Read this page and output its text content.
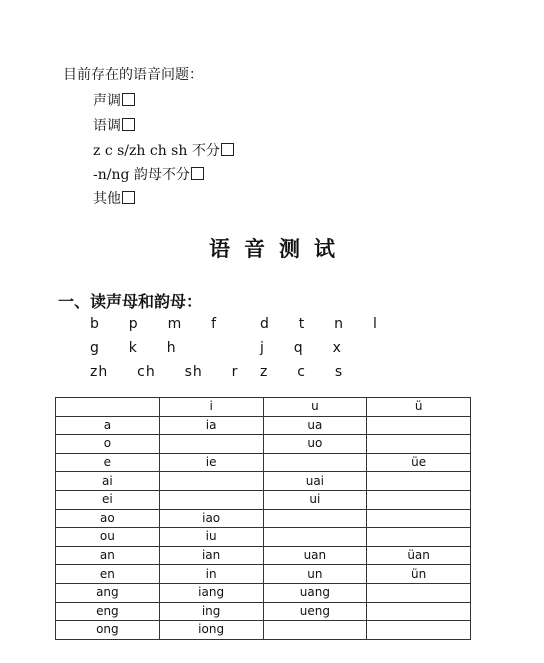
目前存在的语音问题：
声调
语调
z c s/zh ch sh 不分
-n/ng 韵母不分
其他
语音测试
一、读声母和韵母：
b  p  m  f
g  k  h
zh  ch  sh  r
d  t  n  l
j  q  x
z  c  s
	i	u	ü
a	ia	ua	
o		uo	
e	ie		üe
ai		uai	
ei		ui	
ao	iao		
ou	iu		
an	ian	uan	üan
en	in	un	ün
ang	iang	uang	
eng	ing	ueng	
ong	iong		
